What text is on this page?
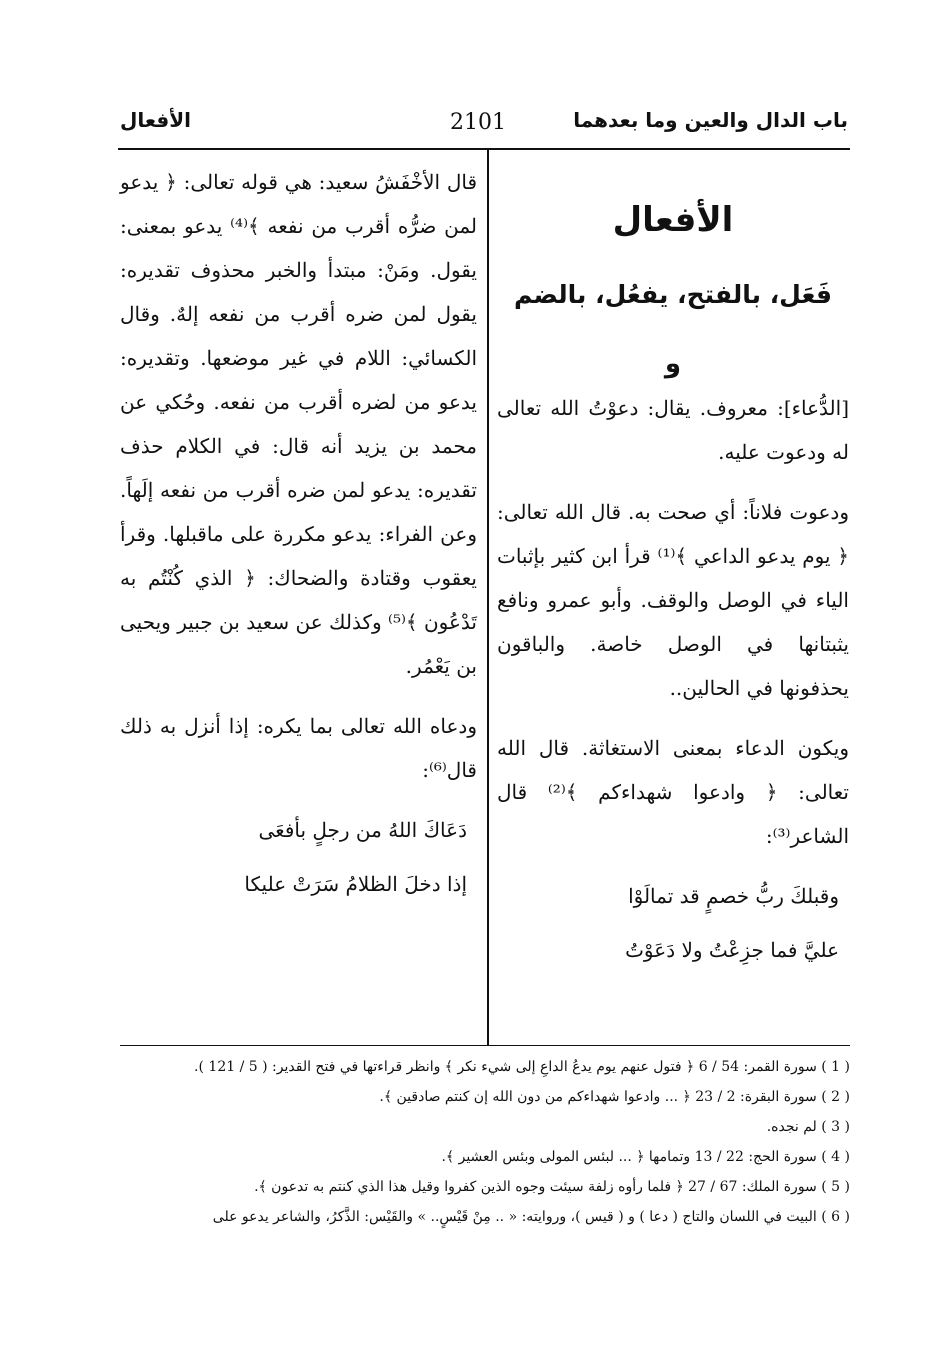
باب الدال والعين وما بعدهما
2101
الأفعال
الأفعال
فَعَل، بالفتح، يفعُل، بالضم
و

[الدُّعاء]: معروف. يقال: دعوْتُ الله تعالى له ودعوت عليه.

ودعوت فلاناً: أي صحت به. قال الله تعالى: ﴿ يوم يدعو الداعي ﴾⁽¹⁾ قرأ ابن كثير بإثبات الياء في الوصل والوقف. وأبو عمرو ونافع يثبتانها في الوصل خاصة. والباقون يحذفونها في الحالين..

ويكون الدعاء بمعنى الاستغاثة. قال الله تعالى: ﴿ وادعوا شهداءكم ﴾⁽²⁾ قال الشاعر⁽³⁾:

وقبلكَ ربُّ خصمٍ قد تمالَوْا
عليَّ فما جزِعْتُ ولا دَعَوْتُ

قال الأخْفَشُ سعيد: هي قوله تعالى: ﴿ يدعو لمن ضرُّه أقرب من نفعه ﴾⁽⁴⁾ يدعو بمعنى: يقول. ومَنْ: مبتدأ والخبر محذوف تقديره: يقول لمن ضره أقرب من نفعه إلهٌ. وقال الكسائي: اللام في غير موضعها. وتقديره: يدعو من لضره أقرب من نفعه. وحُكي عن محمد بن يزيد أنه قال: في الكلام حذف تقديره: يدعو لمن ضره أقرب من نفعه إلَهاً. وعن الفراء: يدعو مكررة على ماقبلها. وقرأ يعقوب وقتادة والضحاك: ﴿ الذي كُنْتُم به تَدْعُون ﴾⁽⁵⁾ وكذلك عن سعيد بن جبير ويحيى بن يَعْمُر.

ودعاه الله تعالى بما يكره: إذا أنزل به ذلك قال⁽⁶⁾:

دَعَاكَ اللهُ من رجلٍ بأفعَى
إذا دخلَ الظلامُ سَرَتْ عليكا
( 1 ) سورة القمر: 54 / 6 ﴿ فتول عنهم يوم يدعُ الداعِ إلى شيء نكر ﴾ وانظر قراءتها في فتح القدير: ( 5 / 121 ).
( 2 ) سورة البقرة: 2 / 23 ﴿ ... وادعوا شهداءكم من دون الله إن كنتم صادقين ﴾.
( 3 ) لم نجده.
( 4 ) سورة الحج: 22 / 13 وتمامها ﴿ ... لبئس المولى وبئس العشير ﴾.
( 5 ) سورة الملك: 67 / 27 ﴿ فلما رأوه زلفة سيئت وجوه الذين كفروا وقيل هذا الذي كنتم به تدعون ﴾.
( 6 ) البيت في اللسان والتاج ( دعا ) و ( قيس )، وروايته: « .. مِنْ قَيْسٍ.. » والقَيْس: الذَّكرُ، والشاعر يدعو على
